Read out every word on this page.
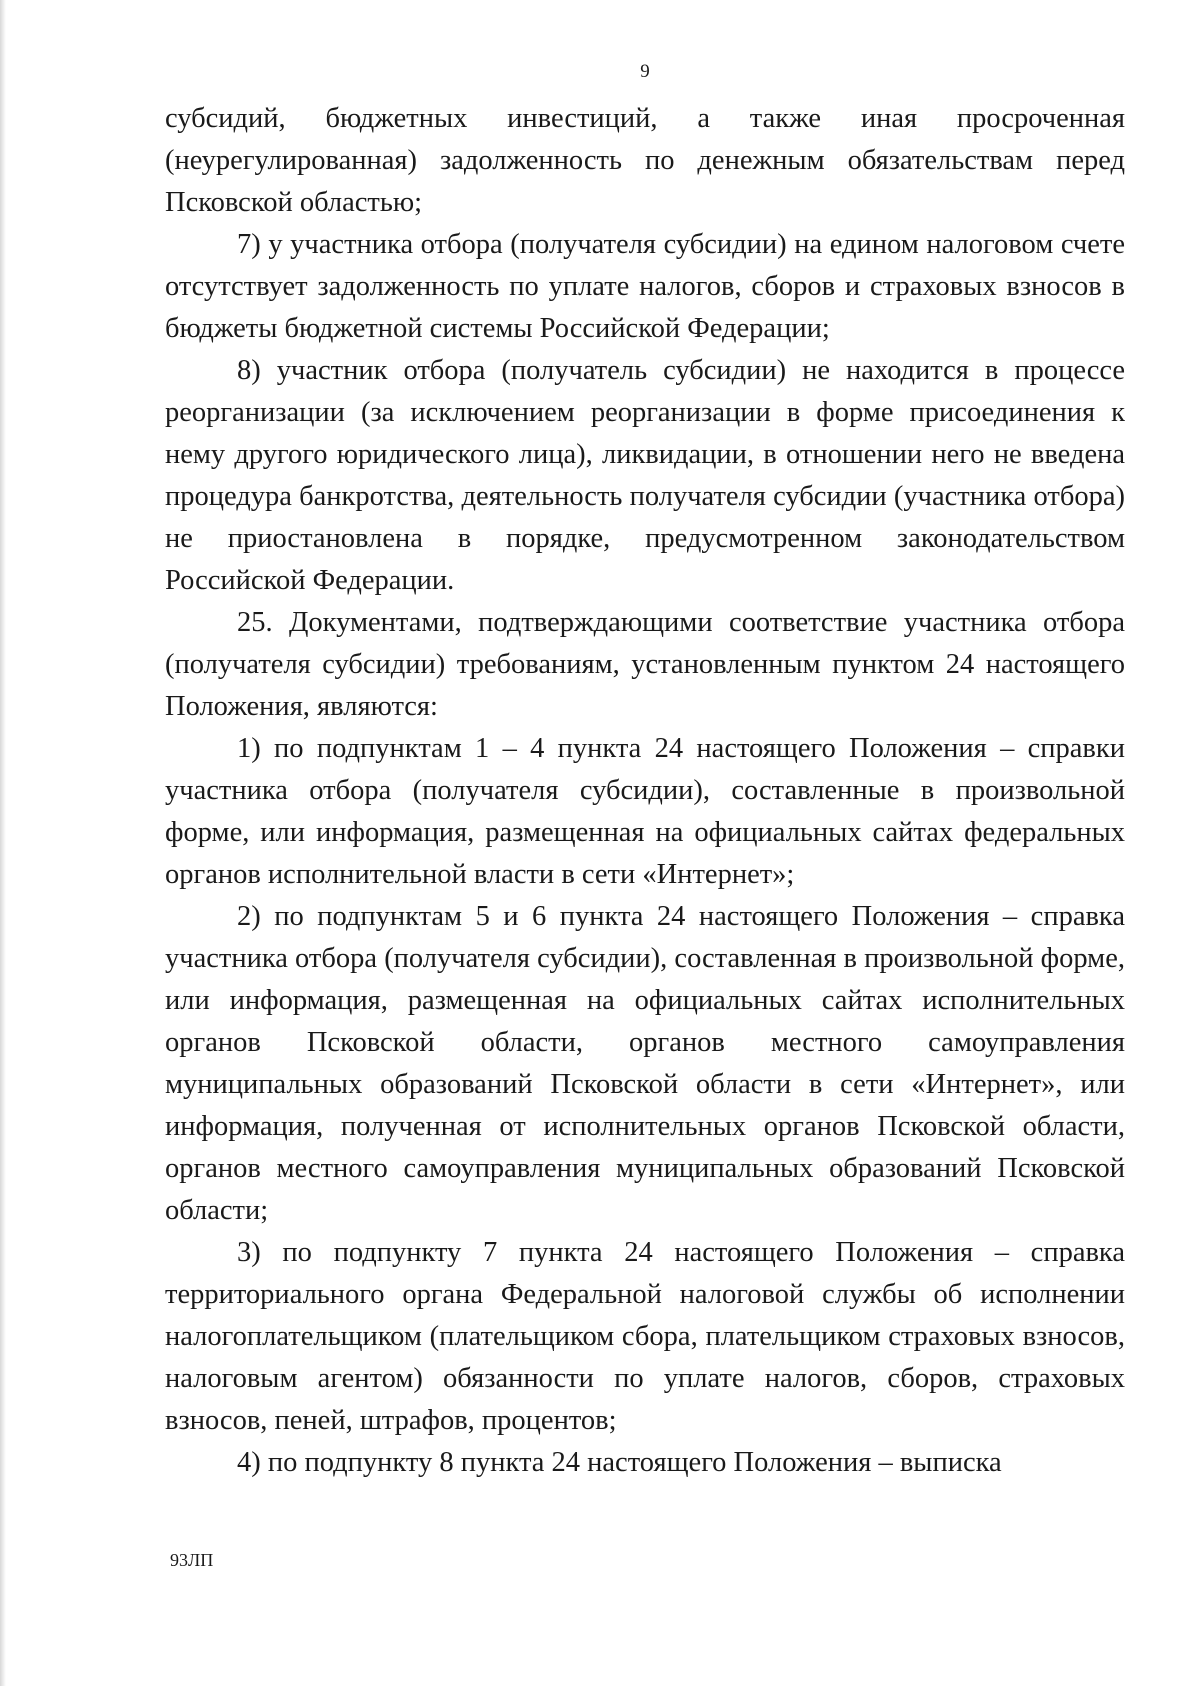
9

субсидий, бюджетных инвестиций, а также иная просроченная (неурегулированная) задолженность по денежным обязательствам перед Псковской областью;

7) у участника отбора (получателя субсидии) на едином налоговом счете отсутствует задолженность по уплате налогов, сборов и страховых взносов в бюджеты бюджетной системы Российской Федерации;

8) участник отбора (получатель субсидии) не находится в процессе реорганизации (за исключением реорганизации в форме присоединения к нему другого юридического лица), ликвидации, в отношении него не введена процедура банкротства, деятельность получателя субсидии (участника отбора) не приостановлена в порядке, предусмотренном законодательством Российской Федерации.

25. Документами, подтверждающими соответствие участника отбора (получателя субсидии) требованиям, установленным пунктом 24 настоящего Положения, являются:

1) по подпунктам 1 – 4 пункта 24 настоящего Положения – справки участника отбора (получателя субсидии), составленные в произвольной форме, или информация, размещенная на официальных сайтах федеральных органов исполнительной власти в сети «Интернет»;

2) по подпунктам 5 и 6 пункта 24 настоящего Положения – справка участника отбора (получателя субсидии), составленная в произвольной форме, или информация, размещенная на официальных сайтах исполнительных органов Псковской области, органов местного самоуправления муниципальных образований Псковской области в сети «Интернет», или информация, полученная от исполнительных органов Псковской области, органов местного самоуправления муниципальных образований Псковской области;

3) по подпункту 7 пункта 24 настоящего Положения – справка территориального органа Федеральной налоговой службы об исполнении налогоплательщиком (плательщиком сбора, плательщиком страховых взносов, налоговым агентом) обязанности по уплате налогов, сборов, страховых взносов, пеней, штрафов, процентов;

4) по подпункту 8 пункта 24 настоящего Положения – выписка

93ЛП
